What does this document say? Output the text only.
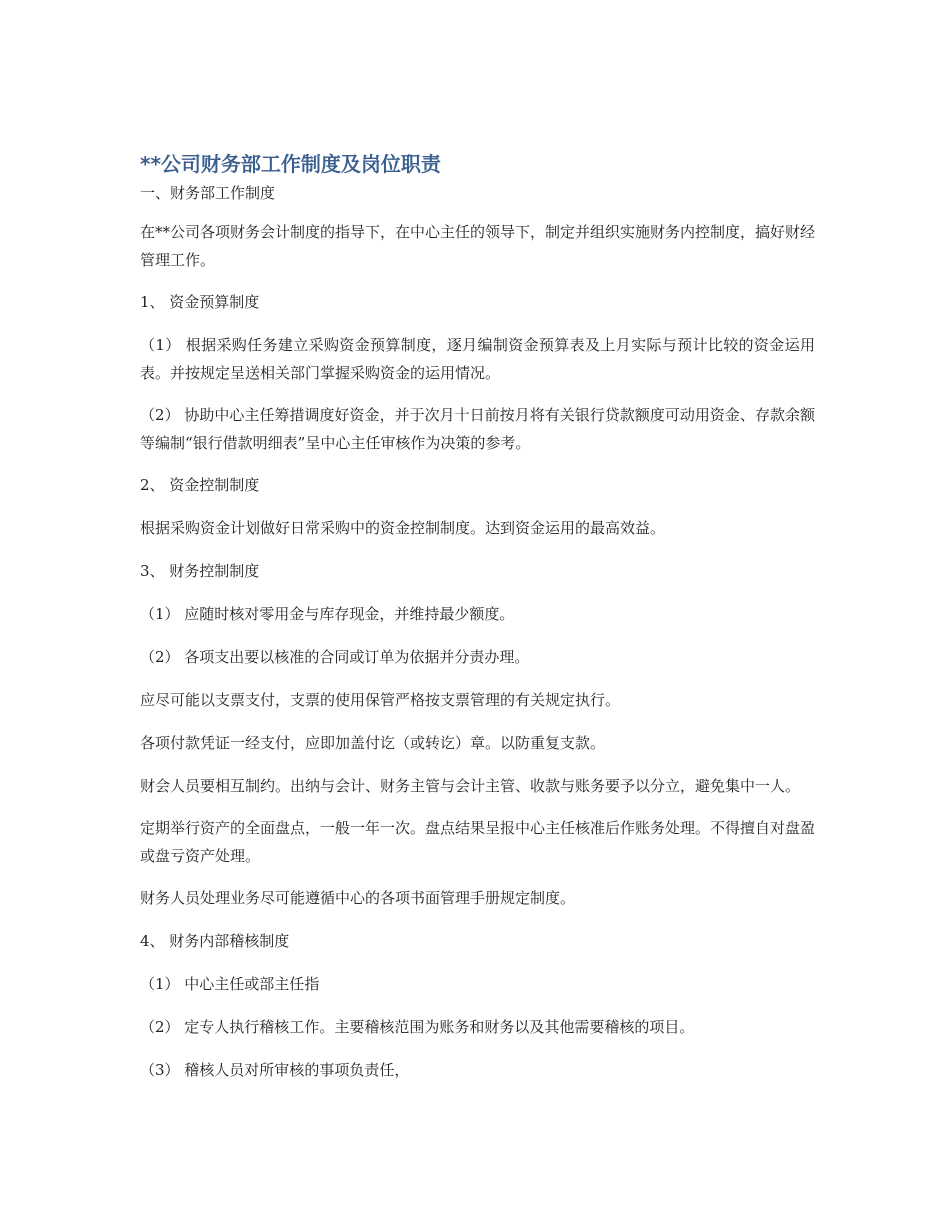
**公司财务部工作制度及岗位职责

一、财务部工作制度

在**公司各项财务会计制度的指导下，在中心主任的领导下，制定并组织实施财务内控制度，搞好财经管理工作。

1、 资金预算制度

（1） 根据采购任务建立采购资金预算制度，逐月编制资金预算表及上月实际与预计比较的资金运用表。并按规定呈送相关部门掌握采购资金的运用情况。

（2） 协助中心主任筹措调度好资金，并于次月十日前按月将有关银行贷款额度可动用资金、存款余额等编制“银行借款明细表”呈中心主任审核作为决策的参考。

2、 资金控制制度

根据采购资金计划做好日常采购中的资金控制制度。达到资金运用的最高效益。

3、 财务控制制度

（1） 应随时核对零用金与库存现金，并维持最少额度。

（2） 各项支出要以核准的合同或订单为依据并分责办理。

应尽可能以支票支付，支票的使用保管严格按支票管理的有关规定执行。

各项付款凭证一经支付，应即加盖付讫（或转讫）章。以防重复支款。

财会人员要相互制约。出纳与会计、财务主管与会计主管、收款与账务要予以分立，避免集中一人。

定期举行资产的全面盘点，一般一年一次。盘点结果呈报中心主任核准后作账务处理。不得擅自对盘盈或盘亏资产处理。

财务人员处理业务尽可能遵循中心的各项书面管理手册规定制度。

4、 财务内部稽核制度

（1） 中心主任或部主任指

（2） 定专人执行稽核工作。主要稽核范围为账务和财务以及其他需要稽核的项目。

（3） 稽核人员对所审核的事项负责任，
